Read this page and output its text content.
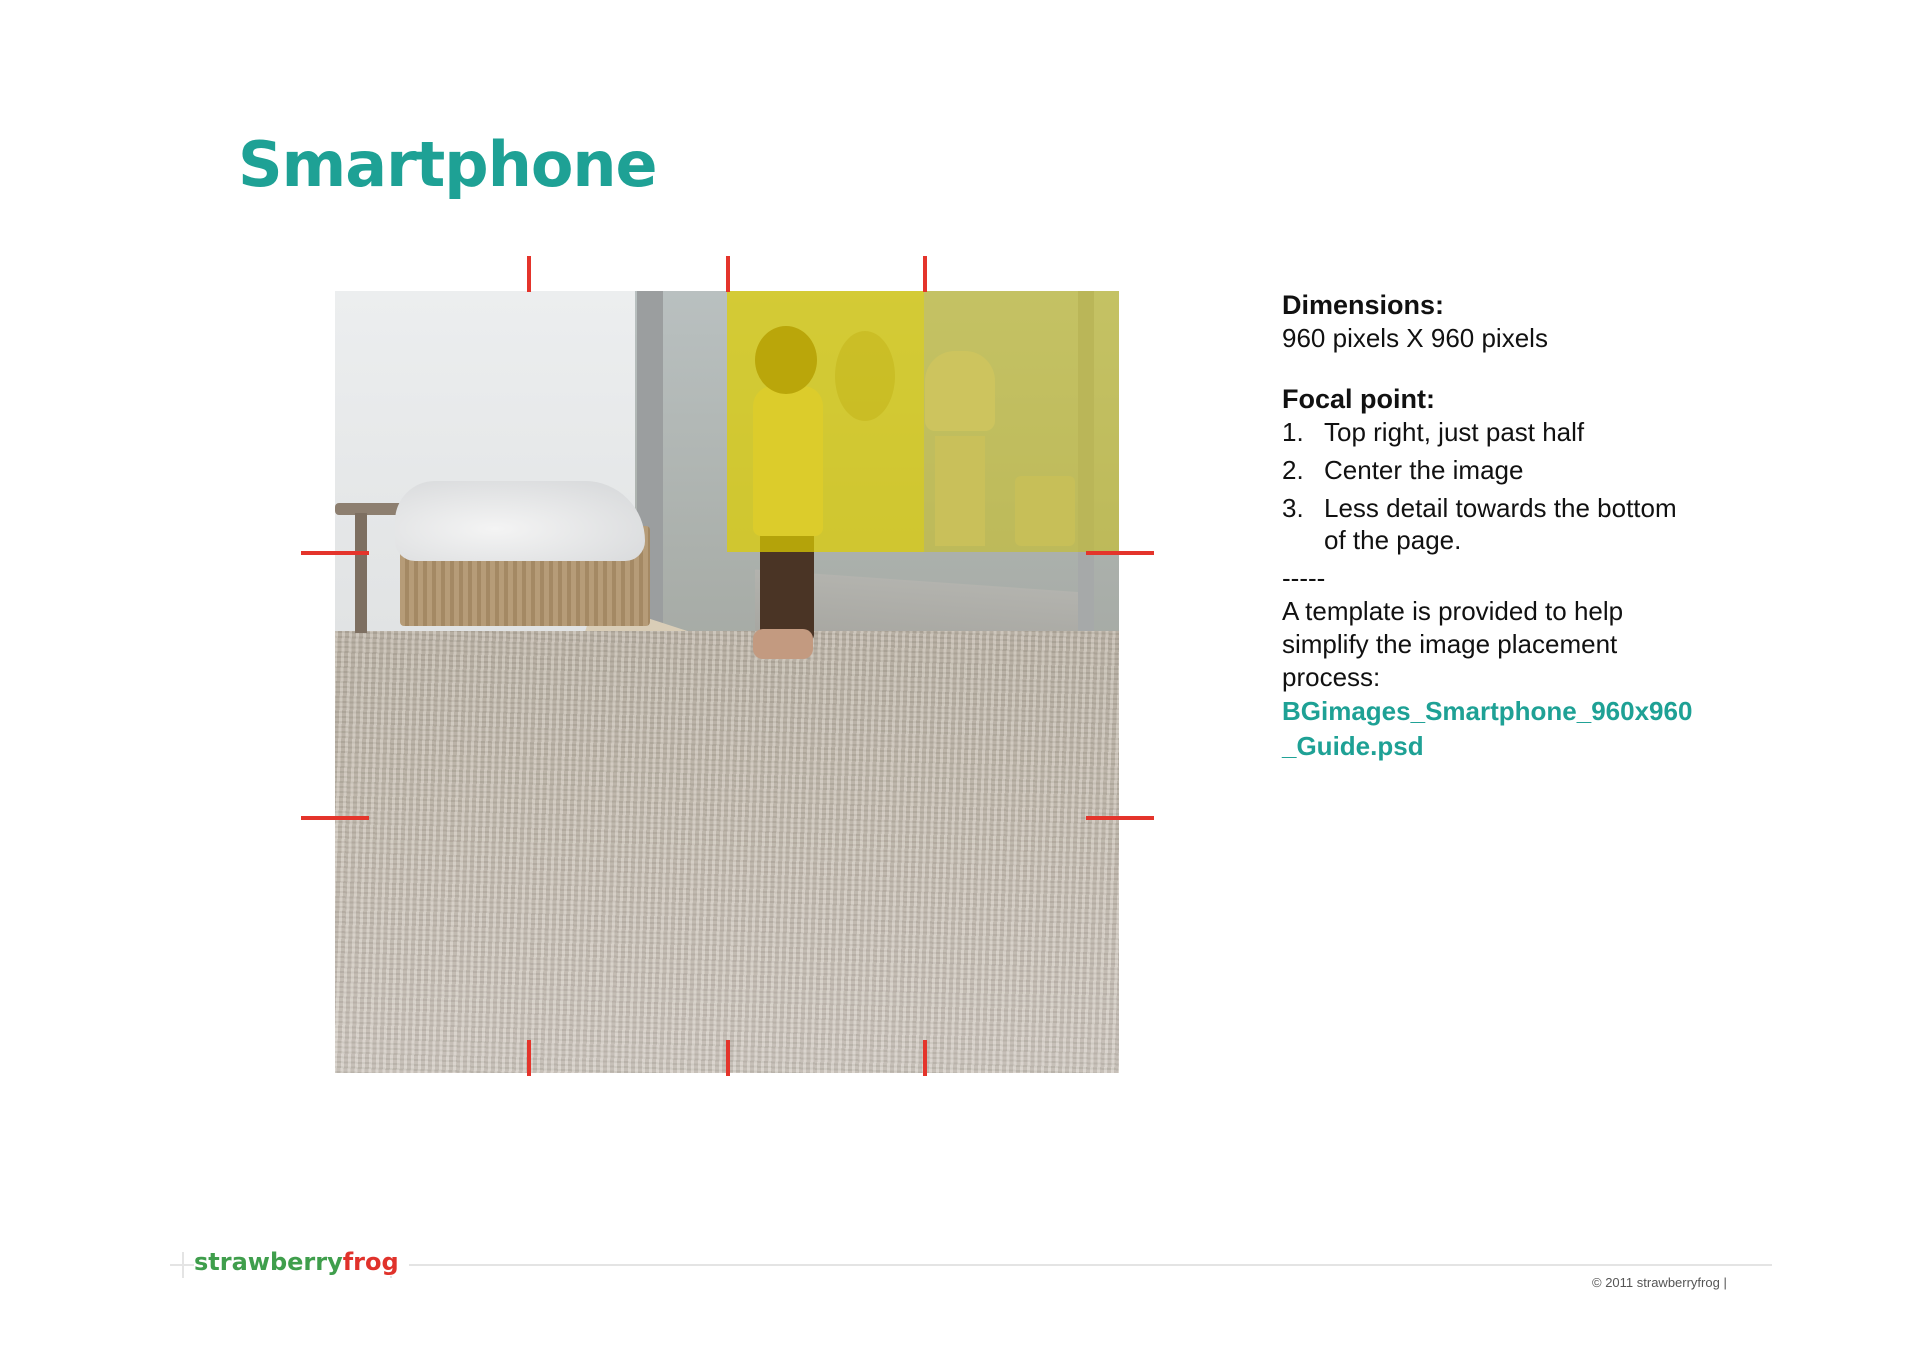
Smartphone
Dimensions:

960 pixels X 960 pixels

Focal point:
1. Top right, just past half
2. Center the image
3. Less detail towards the bottom of the page.

-----

A template is provided to help simplify the image placement process:

BGimages_Smartphone_960x960_Guide.psd

strawberryfrog
© 2011 strawberryfrog |
